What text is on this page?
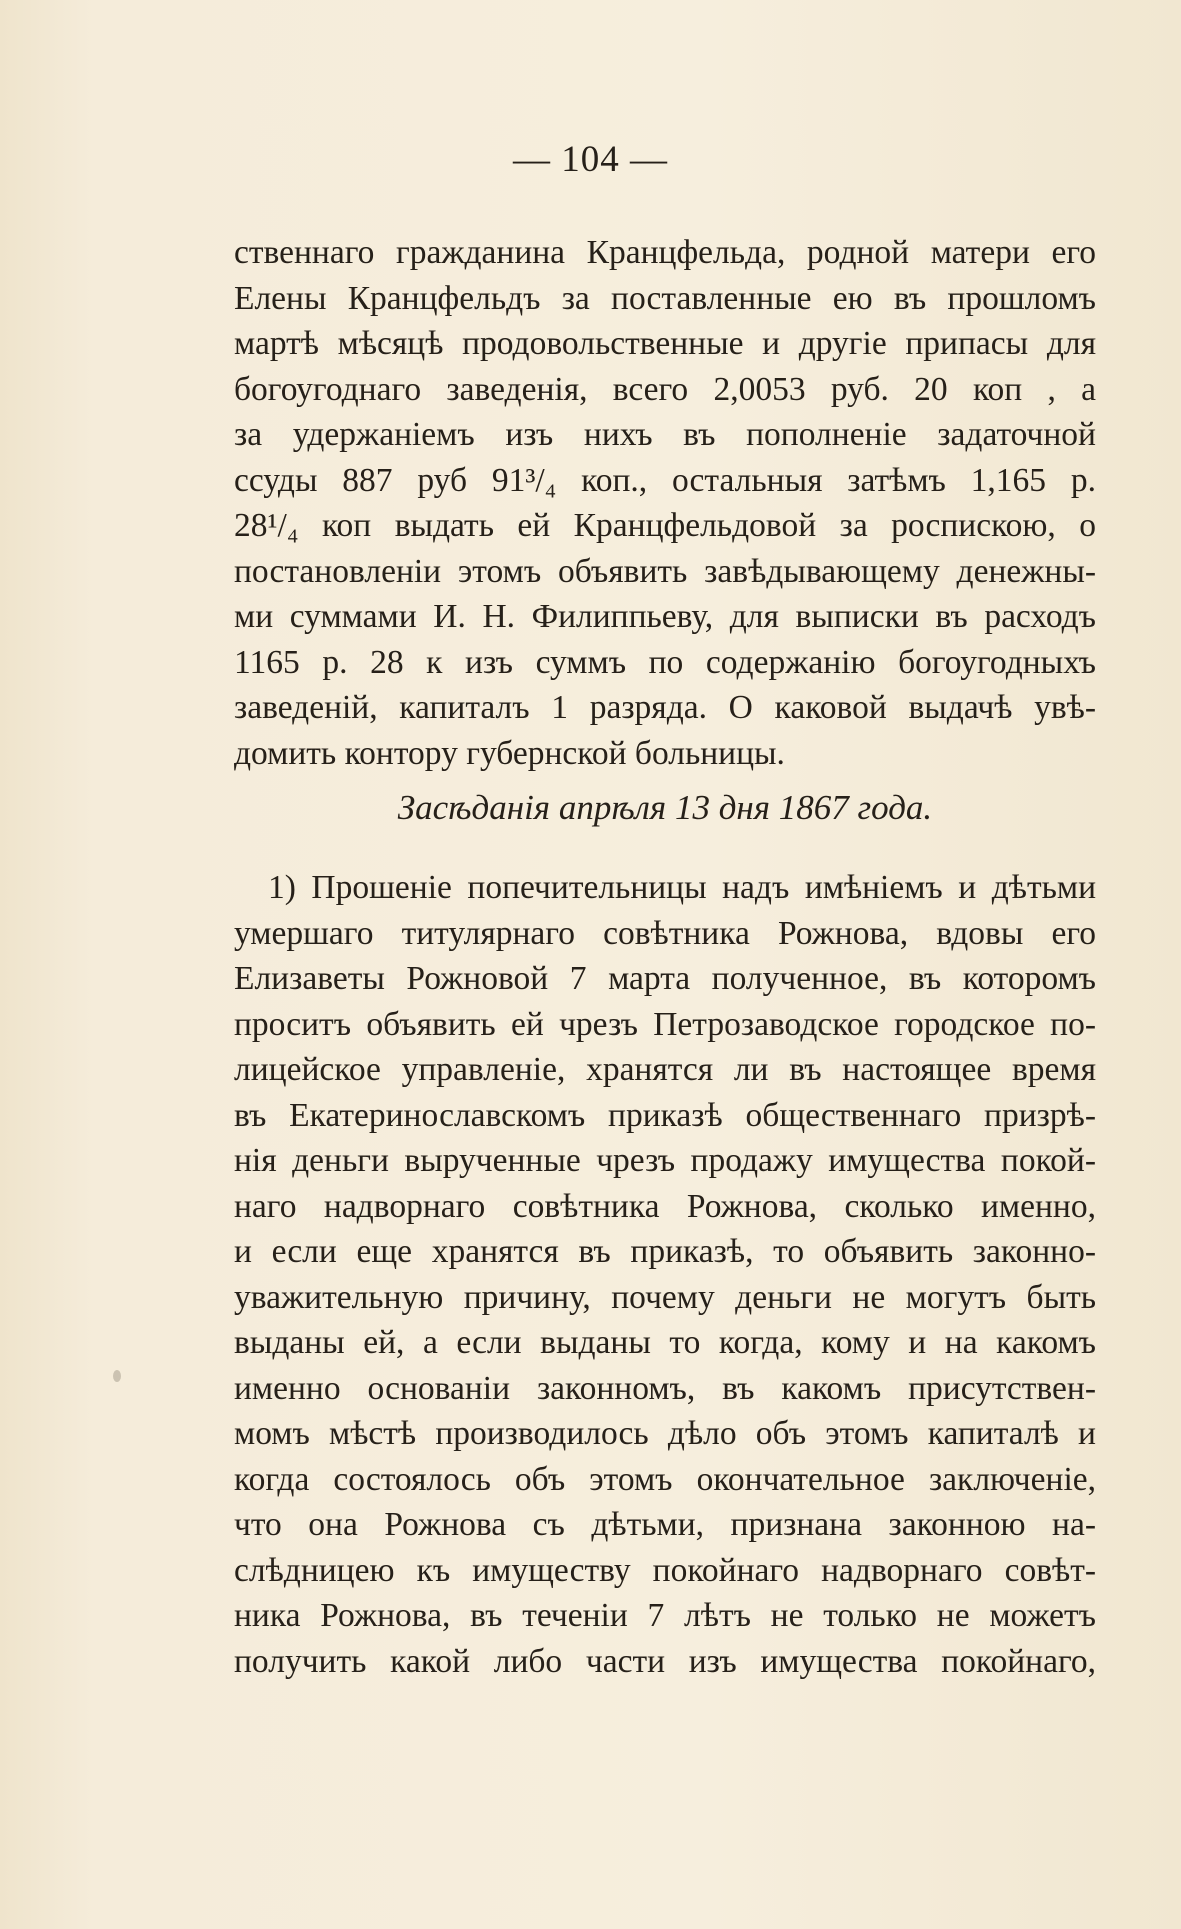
— 104 —
ственнаго гражданина Кранцфельда, родной матери его
Елены Кранцфельдъ за поставленные ею въ прошломъ
мартѣ мѣсяцѣ продовольственные и другіе припасы для
богоугоднаго заведенія, всего 2,0053 руб. 20 коп , а
за удержаніемъ изъ нихъ въ пополненіе задаточной
ссуды 887 руб 91³/₄ коп., остальныя затѣмъ 1,165 р.
28¹/₄ коп выдать ей Кранцфельдовой за роспискою, о
постановленіи этомъ объявить завѣдывающему денежны-
ми суммами И. Н. Филиппьеву, для выписки въ расходъ
1165 р. 28 к изъ суммъ по содержанію богоугодныхъ
заведеній, капиталъ 1 разряда. О каковой выдачѣ увѣ-
домить контору губернской больницы.
Засѣданія апрѣля 13 дня 1867 года.
1) Прошеніе попечительницы надъ имѣніемъ и дѣтьми
умершаго титулярнаго совѣтника Рожнова, вдовы его
Елизаветы Рожновой 7 марта полученное, въ которомъ
проситъ объявить ей чрезъ Петрозаводское городское по-
лицейское управленіе, хранятся ли въ настоящее время
въ Екатеринославскомъ приказѣ общественнаго призрѣ-
нія деньги вырученные чрезъ продажу имущества покой-
наго надворнаго совѣтника Рожнова, сколько именно,
и если еще хранятся въ приказѣ, то объявить законно-
уважительную причину, почему деньги не могутъ быть
выданы ей, а если выданы то когда, кому и на какомъ
именно основаніи законномъ, въ какомъ присутствен-
момъ мѣстѣ производилось дѣло объ этомъ капиталѣ и
когда состоялось объ этомъ окончательное заключеніе,
что она Рожнова съ дѣтьми, признана законною на-
слѣдницею къ имуществу покойнаго надворнаго совѣт-
ника Рожнова, въ теченіи 7 лѣтъ не только не можетъ
получить какой либо части изъ имущества покойнаго,
